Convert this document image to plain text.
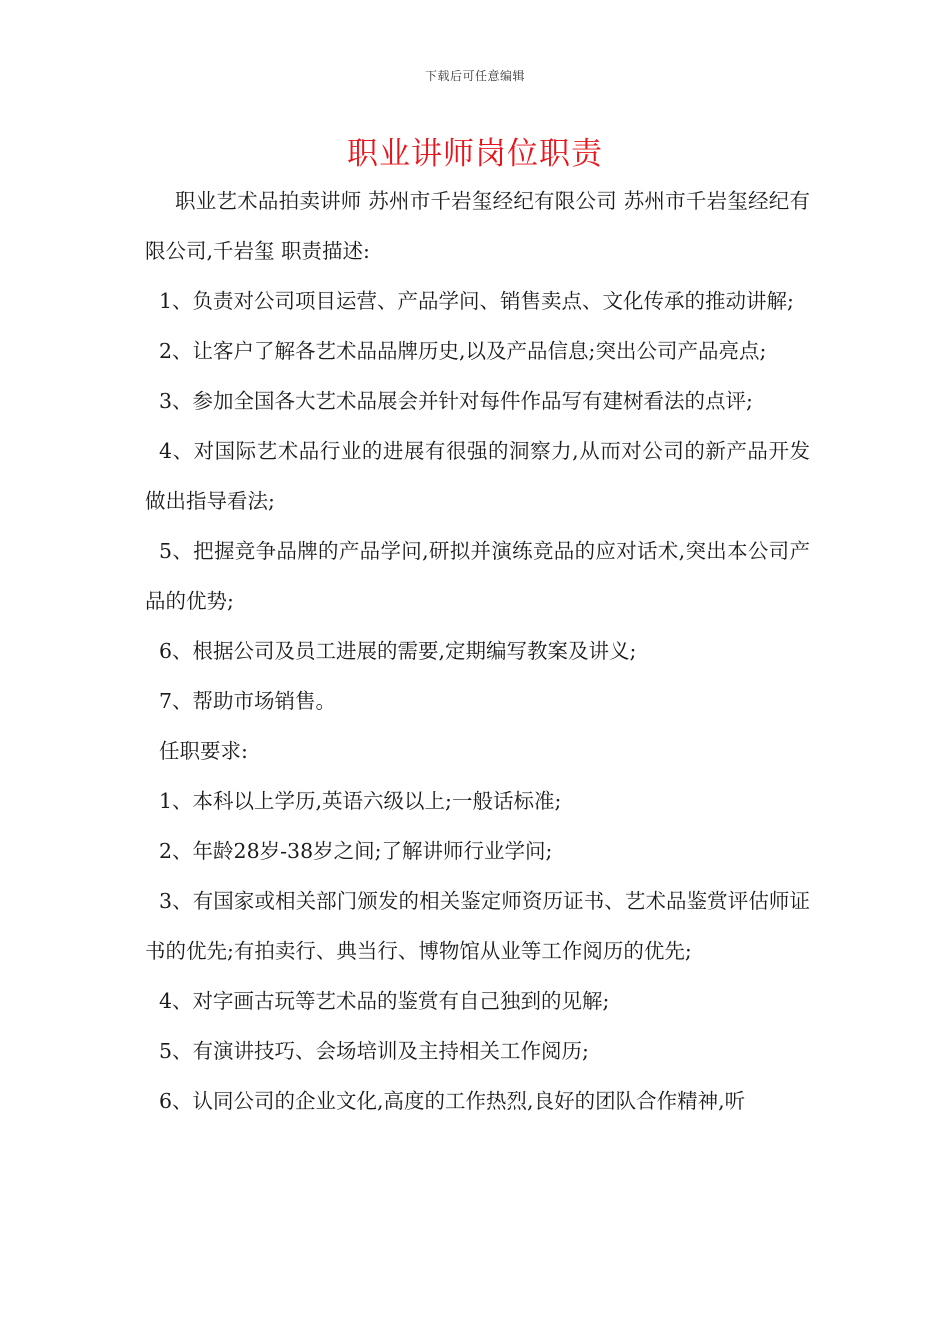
下载后可任意编辑
职业讲师岗位职责

职业艺术品拍卖讲师 苏州市千岩玺经纪有限公司 苏州市千岩玺经纪有限公司,千岩玺 职责描述:

1、负责对公司项目运营、产品学问、销售卖点、文化传承的推动讲解;

2、让客户了解各艺术品品牌历史,以及产品信息;突出公司产品亮点;

3、参加全国各大艺术品展会并针对每件作品写有建树看法的点评;

4、对国际艺术品行业的进展有很强的洞察力,从而对公司的新产品开发做出指导看法;

5、把握竞争品牌的产品学问,研拟并演练竞品的应对话术,突出本公司产品的优势;

6、根据公司及员工进展的需要,定期编写教案及讲义;

7、帮助市场销售。

任职要求:

1、本科以上学历,英语六级以上;一般话标准;

2、年龄28岁-38岁之间;了解讲师行业学问;

3、有国家或相关部门颁发的相关鉴定师资历证书、艺术品鉴赏评估师证书的优先;有拍卖行、典当行、博物馆从业等工作阅历的优先;

4、对字画古玩等艺术品的鉴赏有自己独到的见解;

5、有演讲技巧、会场培训及主持相关工作阅历;

6、认同公司的企业文化,高度的工作热烈,良好的团队合作精神,听
